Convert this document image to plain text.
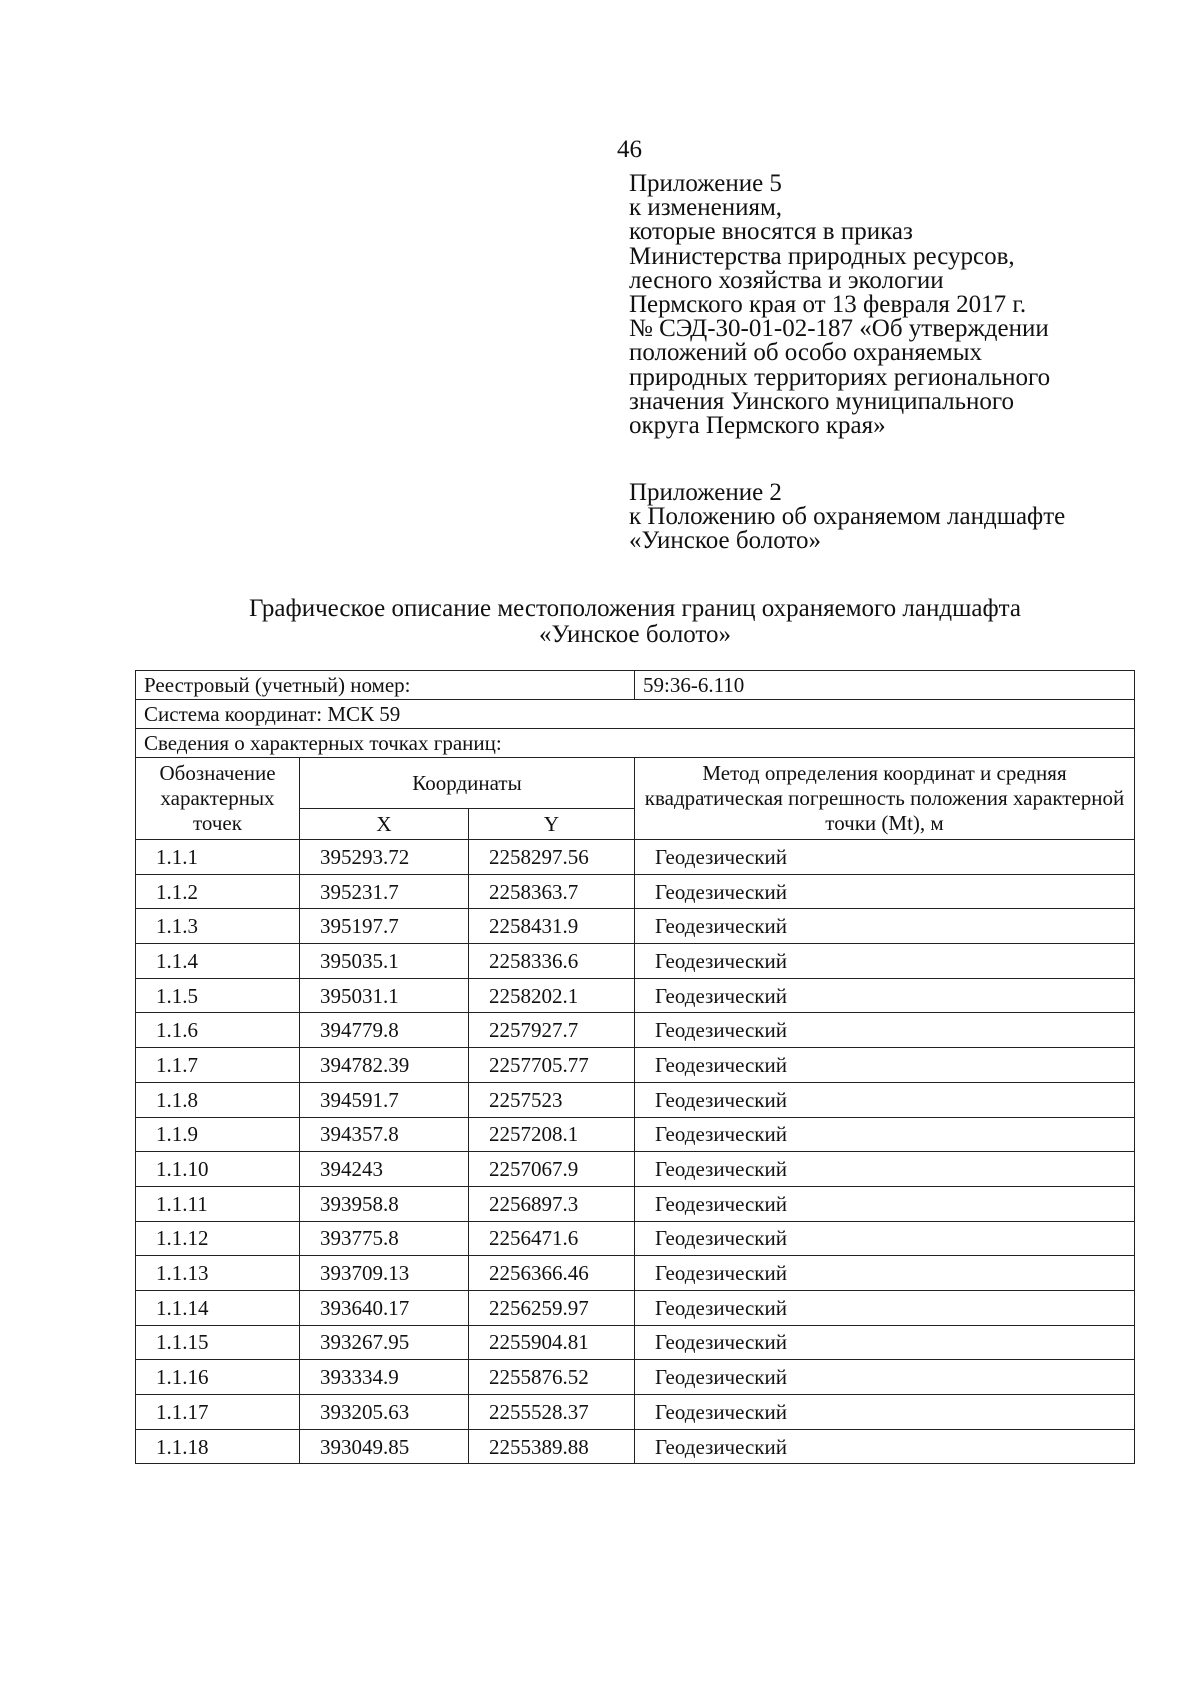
46
Приложение 5
к изменениям,
которые вносятся в приказ
Министерства природных ресурсов,
лесного хозяйства и экологии
Пермского края от 13 февраля 2017 г.
№ СЭД-30-01-02-187 «Об утверждении
положений об особо охраняемых
природных территориях регионального
значения Уинского муниципального
округа Пермского края»
Приложение 2
к Положению об охраняемом ландшафте
«Уинское болото»
Графическое описание местоположения границ охраняемого ландшафта
«Уинское болото»
Реестровый (учетный) номер:			59:36-6.110
Система координат: МСК 59			
Сведения о характерных точках границ:			
Обозначение характерных точек	Координаты		Метод определения координат и средняя квадратическая погрешность положения характерной точки (Mt), м
	X	Y	
1.1.1	395293.72	2258297.56	Геодезический
1.1.2	395231.7	2258363.7	Геодезический
1.1.3	395197.7	2258431.9	Геодезический
1.1.4	395035.1	2258336.6	Геодезический
1.1.5	395031.1	2258202.1	Геодезический
1.1.6	394779.8	2257927.7	Геодезический
1.1.7	394782.39	2257705.77	Геодезический
1.1.8	394591.7	2257523	Геодезический
1.1.9	394357.8	2257208.1	Геодезический
1.1.10	394243	2257067.9	Геодезический
1.1.11	393958.8	2256897.3	Геодезический
1.1.12	393775.8	2256471.6	Геодезический
1.1.13	393709.13	2256366.46	Геодезический
1.1.14	393640.17	2256259.97	Геодезический
1.1.15	393267.95	2255904.81	Геодезический
1.1.16	393334.9	2255876.52	Геодезический
1.1.17	393205.63	2255528.37	Геодезический
1.1.18	393049.85	2255389.88	Геодезический
